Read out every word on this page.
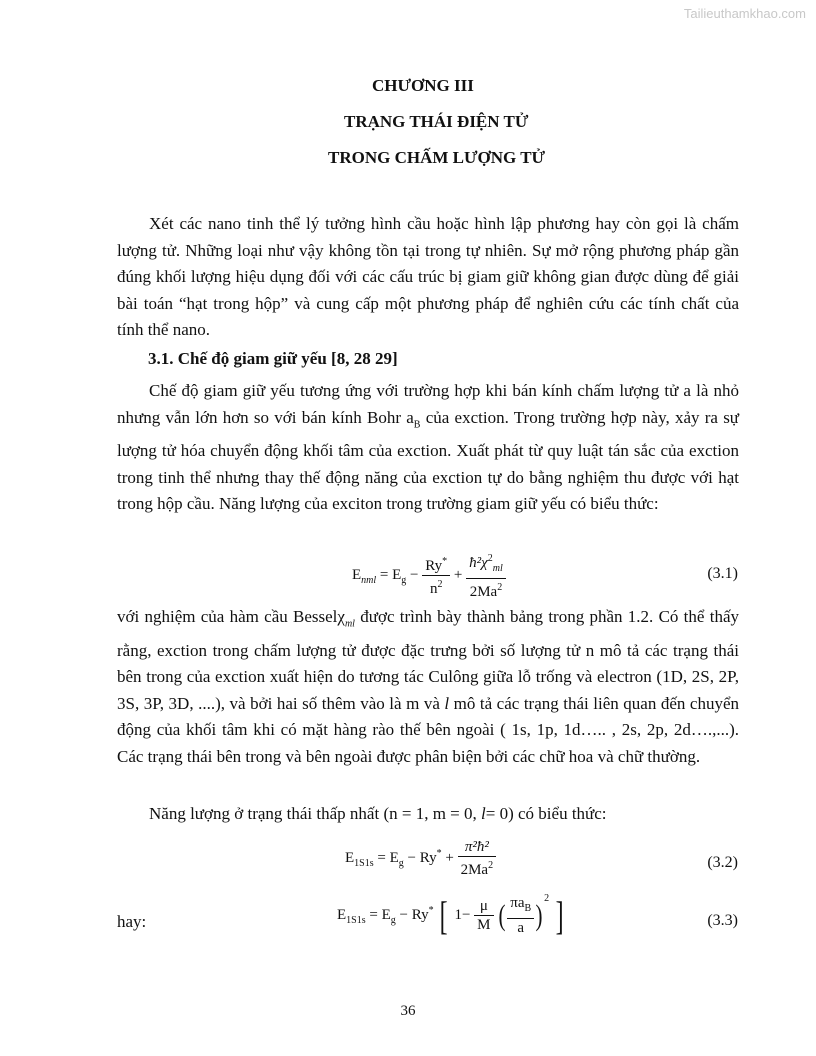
Tailieuthamkhao.com
CHƯƠNG III
TRẠNG THÁI ĐIỆN TỬ
TRONG CHẤM LƯỢNG TỬ

Xét các nano tinh thể lý tưởng hình cầu hoặc hình lập phương hay còn gọi là chấm lượng tử. Những loại như vậy không tồn tại trong tự nhiên. Sự mở rộng phương pháp gần đúng khối lượng hiệu dụng đối với các cấu trúc bị giam giữ không gian được dùng để giải bài toán “hạt trong hộp” và cung cấp một phương pháp để nghiên cứu các tính chất của tính thể nano.

3.1. Chế độ giam giữ yếu [8, 28 29]

Chế độ giam giữ yếu tương ứng với trường hợp khi bán kính chấm lượng tử a là nhỏ nhưng vẫn lớn hơn so với bán kính Bohr $a_B$ của exction. Trong trường hợp này, xảy ra sự lượng tử hóa chuyển động khối tâm của exction. Xuất phát từ quy luật tán sắc của exction trong tinh thể nhưng thay thế động năng của exction tự do bằng nghiệm thu được với hạt trong hộp cầu. Năng lượng của exciton trong trường giam giữ yếu có biểu thức:

$E_{nml} = E_g - \frac{Ry^*}{n^2} + \frac{ħ^2\chi^2_{ml}}{2Ma^2}$	(3.1)

với nghiệm của hàm cầu Besselχ$_{ml}$ được trình bày thành bảng trong phần 1.2. Có thể thấy rằng, exction trong chấm lượng tử được đặc trưng bởi số lượng tử n mô tả các trạng thái bên trong của exction xuất hiện do tương tác Culông giữa lỗ trống và electron (1D, 2S, 2P, 3S, 3P, 3D, ....), và bởi hai số thêm vào là m và l mô tả các trạng thái liên quan đến chuyển động của khối tâm khi có mặt hàng rào thế bên ngoài ( 1s, 1p, 1d….. , 2s, 2p, 2d….,...). Các trạng thái bên trong và bên ngoài được phân biện bởi các chữ hoa và chữ thường.

Năng lượng ở trạng thái thấp nhất (n = 1, m = 0, l= 0) có biểu thức:

$E_{1S1s} = E_g - Ry^* + \frac{\text{π²ħ²}}{2Ma^2}$	(3.2)
hay:	$E_{1S1s} = E_g - Ry^*$ [ $1- \frac{\mu}{M}$ ( $\frac{\pi a_B}{a} )^2$ ]	(3.3)
36
